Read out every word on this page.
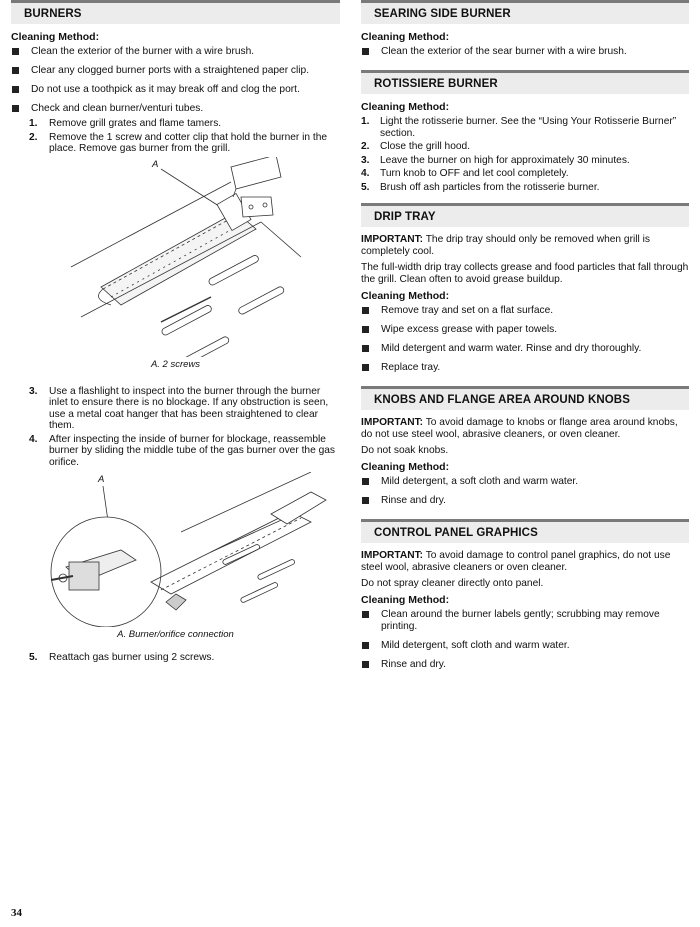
BURNERS
Cleaning Method:
Clean the exterior of the burner with a wire brush.
Clear any clogged burner ports with a straightened paper clip.
Do not use a toothpick as it may break off and clog the port.
Check and clean burner/venturi tubes.
1. Remove grill grates and flame tamers.
2. Remove the 1 screw and cotter clip that hold the burner in the place. Remove gas burner from the grill.
A
A. 2 screws
3. Use a flashlight to inspect into the burner through the burner inlet to ensure there is no blockage. If any obstruction is seen, use a metal coat hanger that has been straightened to clear them.
4. After inspecting the inside of burner for blockage, reassemble burner by sliding the middle tube of the gas burner over the gas orifice.
A
A. Burner/orifice connection
5. Reattach gas burner using 2 screws.
SEARING SIDE BURNER
Cleaning Method:
Clean the exterior of the sear burner with a wire brush.
ROTISSIERE BURNER
Cleaning Method:
1. Light the rotisserie burner. See the “Using Your Rotisserie Burner” section.
2. Close the grill hood.
3. Leave the burner on high for approximately 30 minutes.
4. Turn knob to OFF and let cool completely.
5. Brush off ash particles from the rotisserie burner.
DRIP TRAY

IMPORTANT: The drip tray should only be removed when grill is completely cool.

The full-width drip tray collects grease and food particles that fall through the grill. Clean often to avoid grease buildup.

Cleaning Method:
Remove tray and set on a flat surface.
Wipe excess grease with paper towels.
Mild detergent and warm water. Rinse and dry thoroughly.
Replace tray.
KNOBS AND FLANGE AREA AROUND KNOBS

IMPORTANT: To avoid damage to knobs or flange area around knobs, do not use steel wool, abrasive cleaners, or oven cleaner.

Do not soak knobs.

Cleaning Method:
Mild detergent, a soft cloth and warm water.
Rinse and dry.
CONTROL PANEL GRAPHICS

IMPORTANT: To avoid damage to control panel graphics, do not use steel wool, abrasive cleaners or oven cleaner.

Do not spray cleaner directly onto panel.

Cleaning Method:
Clean around the burner labels gently; scrubbing may remove printing.
Mild detergent, soft cloth and warm water.
Rinse and dry.
34
